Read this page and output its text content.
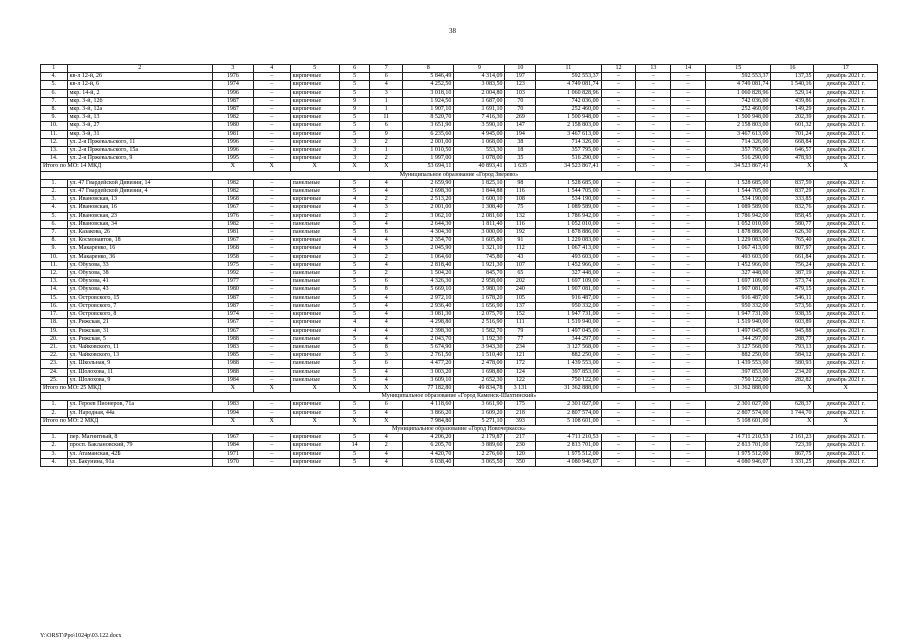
38
1	2	3	4	5	6	7	8	9	10	11	12	13	14	15	16	17
4.	кв-л 12-й, 26	1976	–	кирпичные	5	6	5 846,49	4 314,09	197	592 553,37	–	–	–	592 553,37	137,35	декабрь 2021 г.
5.	кв-л 12-й, 6	1974	–	кирпичные	5	4	4 252,50	3 083,50	123	4 749 081,74	–	–	–	4 749 081,74	1 540,16	декабрь 2021 г.
6.	мкр. 14-й, 2	1996	–	кирпичные	5	3	3 018,10	2 004,80	103	1 060 828,96	–	–	–	1 060 828,96	529,14	декабрь 2021 г.
7.	мкр. 3-й, 12б	1987	–	кирпичные	9	1	1 924,50	1 687,00	70	742 036,00	–	–	–	742 036,00	439,86	декабрь 2021 г.
8.	мкр. 3-й, 12а	1987	–	кирпичные	9	1	1 907,10	1 691,10	70	252 460,00	–	–	–	252 460,00	149,29	декабрь 2021 г.
9.	мкр. 3-й, 13	1982	–	кирпичные	5	11	8 520,70	7 416,30	269	1 500 948,00	–	–	–	1 500 948,00	202,39	декабрь 2021 г.
10.	мкр. 3-й, 27	1980	–	кирпичные	5	6	3 651,90	3 590,10	147	2 158 803,00	–	–	–	2 158 803,00	601,32	декабрь 2021 г.
11.	мкр. 3-й, 31	1981	–	кирпичные	5	9	6 235,60	4 945,00	194	3 467 613,00	–	–	–	3 467 613,00	701,24	декабрь 2021 г.
12.	ул. 2-я Пржевальского, 11	1996	–	кирпичные	3	2	2 001,00	1 068,00	38	714 326,00	–	–	–	714 326,00	668,84	декабрь 2021 г.
13.	ул. 2-я Пржевальского, 15а	1996	–	кирпичные	3	1	1 010,50	553,30	18	357 795,00	–	–	–	357 795,00	646,57	декабрь 2021 г.
14.	ул. 2-я Пржевальского, 9	1995	–	кирпичные	3	2	1 997,00	1 078,00	35	516 290,00	–	–	–	516 290,00	478,93	декабрь 2021 г.
Итого по МО: 14 МКД		Х	Х	Х	Х	Х	53 694,11	40 893,41	1 635	34 523 867,41	–	–	–	34 523 867,41	Х	Х
Муниципальное образование «Город Зверево»																
1.	ул. 47 Гвардейской Дивизии, 14	1982	–	панельные	5	4	2 659,90	1 825,10	98	1 528 685,00	–	–	–	1 528 685,00	837,59	декабрь 2021 г.
2.	ул. 47 Гвардейской Дивизии, 4	1982	–	панельные	5	4	2 698,30	1 844,88	116	1 544 705,00	–	–	–	1 544 705,00	837,29	декабрь 2021 г.
3.	ул. Ивановская, 13	1968	–	кирпичные	4	2	2 513,20	1 600,10	108	534 190,00	–	–	–	534 190,00	333,85	декабрь 2021 г.
4.	ул. Ивановская, 16	1967	–	кирпичные	4	3	2 001,00	1 308,40	75	1 089 589,00	–	–	–	1 089 589,00	832,76	декабрь 2021 г.
5.	ул. Ивановская, 23	1976	–	кирпичные	3	2	3 062,10	2 081,60	132	1 786 942,00	–	–	–	1 786 942,00	858,45	декабрь 2021 г.
6.	ул. Ивановская, 34	1982	–	панельные	5	4	2 644,30	1 811,40	116	1 052 010,00	–	–	–	1 052 010,00	580,77	декабрь 2021 г.
7.	ул. Казакова, 26	1981	–	панельные	5	6	4 304,30	3 000,00	192	1 878 886,00	–	–	–	1 878 886,00	626,30	декабрь 2021 г.
8.	ул. Космонавтов, 18	1967	–	кирпичные	4	4	2 354,70	1 605,80	91	1 229 083,00	–	–	–	1 229 083,00	765,40	декабрь 2021 г.
9.	ул. Макаренко, 16	1968	–	кирпичные	4	3	2 045,90	1 321,10	112	1 067 413,00	–	–	–	1 067 413,00	807,97	декабрь 2021 г.
10.	ул. Макаренко, 36	1958	–	кирпичные	3	2	1 064,60	745,80	43	493 603,00	–	–	–	493 603,00	661,84	декабрь 2021 г.
11.	ул. Обухова, 33	1975	–	кирпичные	5	4	2 818,40	1 921,30	107	1 452 966,00	–	–	–	1 452 966,00	756,24	декабрь 2021 г.
12.	ул. Обухова, 38	1992	–	панельные	5	2	1 504,20	845,70	65	327 448,00	–	–	–	327 448,00	387,19	декабрь 2021 г.
13.	ул. Обухова, 41	1977	–	панельные	5	6	4 326,30	2 958,00	202	1 697 109,00	–	–	–	1 697 109,00	573,74	декабрь 2021 г.
14.	ул. Обухова, 43	1980	–	панельные	5	8	5 669,10	3 980,10	240	1 907 081,00	–	–	–	1 907 081,00	479,15	декабрь 2021 г.
15.	ул. Островского, 15	1987	–	панельные	5	4	2 972,10	1 678,20	105	916 487,00	–	–	–	916 487,00	546,11	декабрь 2021 г.
16.	ул. Островского, 7	1987	–	панельные	5	4	2 936,40	1 656,90	137	950 332,00	–	–	–	950 332,00	573,56	декабрь 2021 г.
17.	ул. Островского, 8	1974	–	кирпичные	5	4	3 081,30	2 075,70	152	1 947 731,00	–	–	–	1 947 731,00	938,35	декабрь 2021 г.
18.	ул. Рижская, 21	1967	–	кирпичные	4	4	4 298,80	2 516,90	111	1 519 940,00	–	–	–	1 519 940,00	603,89	декабрь 2021 г.
19.	ул. Рижская, 31	1967	–	кирпичные	4	4	2 398,30	1 582,70	79	1 497 045,00	–	–	–	1 497 045,00	945,88	декабрь 2021 г.
20.	ул. Рижская, 5	1988	–	панельные	5	4	2 043,70	1 192,30	77	344 297,00	–	–	–	344 297,00	288,77	декабрь 2021 г.
21.	ул. Чайковского, 11	1983	–	панельные	5	8	5 674,90	3 943,30	234	3 127 568,00	–	–	–	3 127 568,00	793,13	декабрь 2021 г.
22.	ул. Чайковского, 13	1985	–	кирпичные	5	3	2 761,50	1 510,40	121	882 250,00	–	–	–	882 250,00	584,12	декабрь 2021 г.
23.	ул. Школьная, 9	1988	–	панельные	5	6	4 477,20	2 478,00	172	1 439 553,00	–	–	–	1 439 553,00	580,93	декабрь 2021 г.
24.	ул. Шолохова, 11	1988	–	панельные	5	4	3 003,20	1 698,80	124	397 853,00	–	–	–	397 853,00	234,20	декабрь 2021 г.
25.	ул. Шолохова, 9	1984	–	панельные	5	4	3 609,10	2 652,30	122	750 122,00	–	–	–	750 122,00	282,82	декабрь 2021 г.
Итого по МО: 25 МКД		Х	Х	Х	Х	Х	77 182,80	49 834,78	3 131	31 362 888,00	–	–	–	31 362 888,00	Х	Х
Муниципальное образование «Город Каменск-Шахтинский»																
1.	ул. Героев Пионеров, 71а	1983	–	кирпичные	5	6	4 118,60	3 661,90	175	2 301 027,00	–	–	–	2 301 027,00	628,37	декабрь 2021 г.
2.	ул. Народная, 44а	1994	–	кирпичные	5	4	3 866,20	1 609,20	218	2 807 574,00	–	–	–	2 807 574,00	1 744,70	декабрь 2021 г.
Итого по МО: 2 МКД		Х	Х	Х	Х	Х	7 984,80	5 271,10	393	5 108 601,00	–	–	–	5 108 601,00	Х	Х
Муниципальное образование «Город Новочеркасск»																
1.	пер. Магнитный, 8	1967	–	кирпичные	5	4	4 206,20	2 179,87	217	4 711 210,53	–	–	–	4 711 210,53	2 161,23	декабрь 2021 г.
2.	просп. Баклановский, 79	1984	–	кирпичные	14	2	6 205,70	3 889,60	230	2 813 701,00	–	–	–	2 813 701,00	723,39	декабрь 2021 г.
3.	ул. Атаманская, 42Б	1971	–	кирпичные	5	4	4 420,70	2 276,60	120	1 975 512,00	–	–	–	1 975 512,00	867,75	декабрь 2021 г.
4.	ул. Бакунина, 91а	1970	–	кирпичные	5	4	6 038,40	3 065,50	350	4 080 946,07	–	–	–	4 080 946,07	1 331,25	декабрь 2021 г.
Y:\ORST\Ppo\1024p\03.122.docx
